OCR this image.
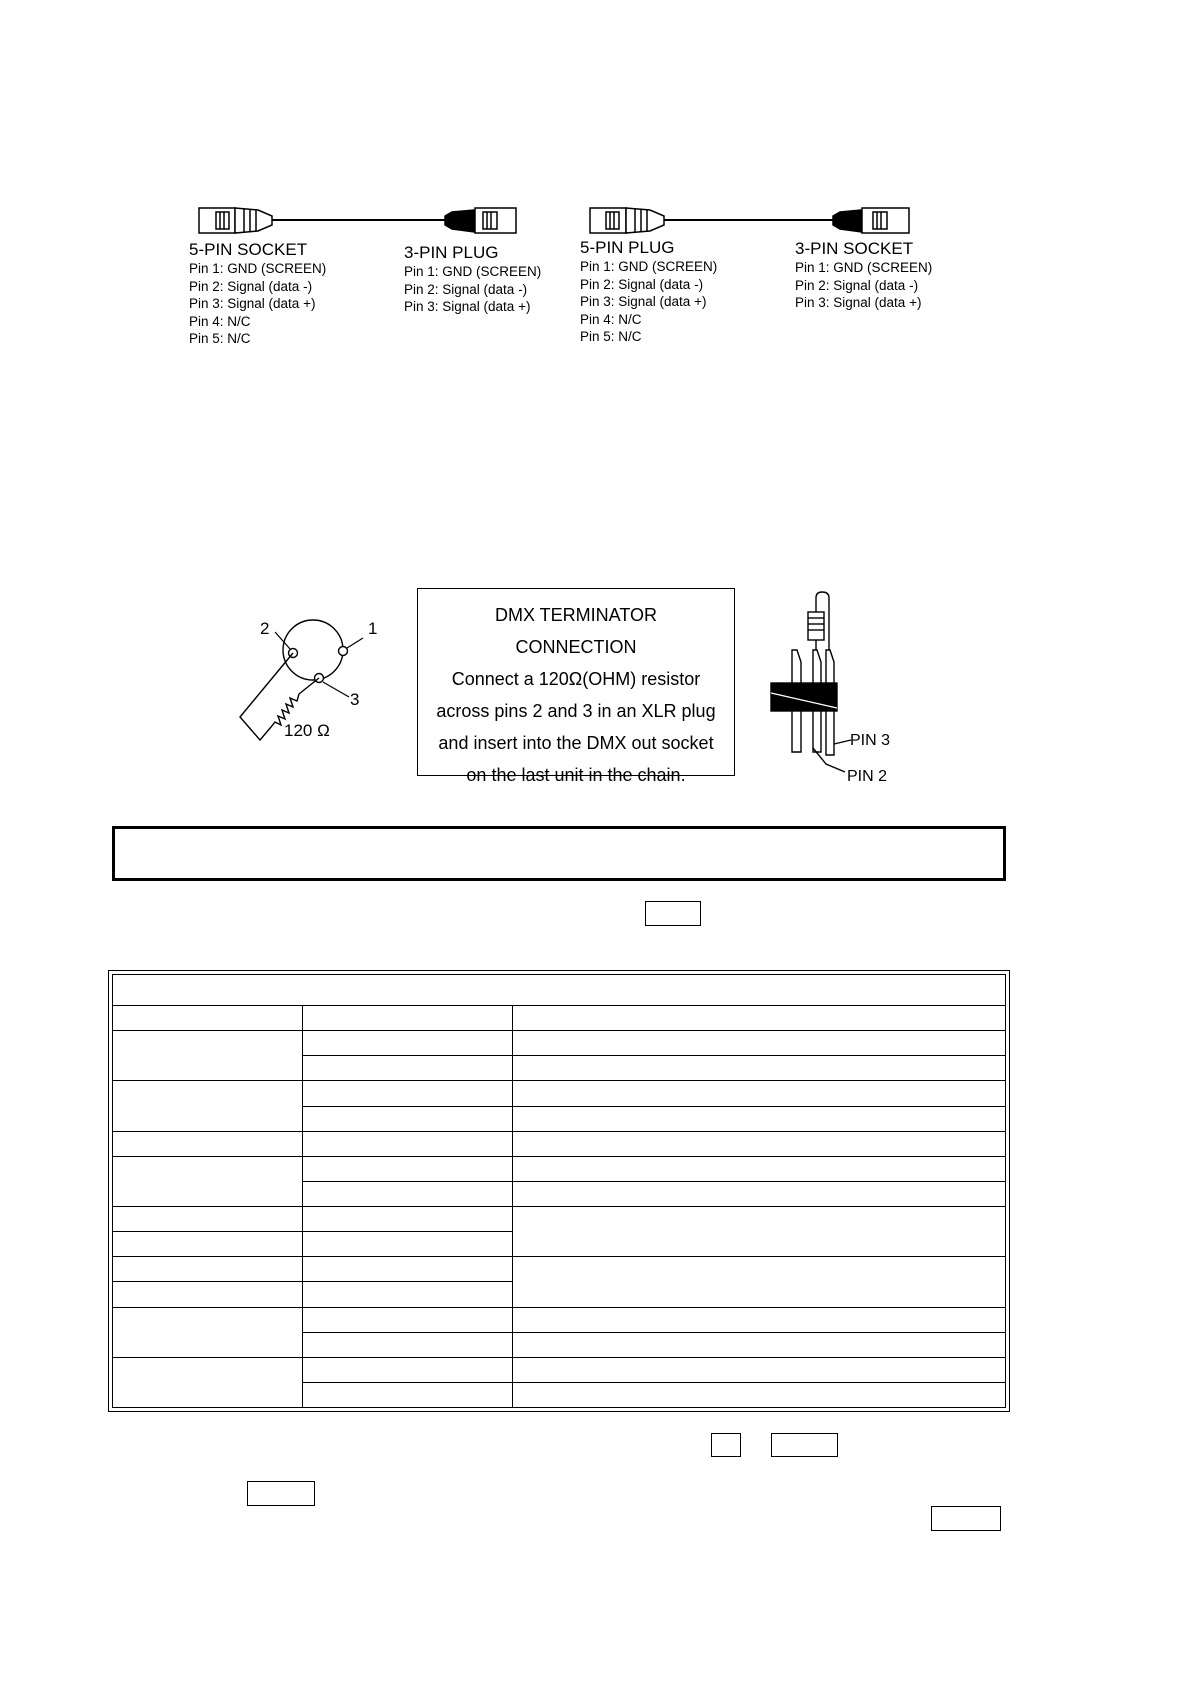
5-PIN SOCKET
Pin 1: GND (SCREEN)
Pin 2: Signal (data -)
Pin 3: Signal (data +)
Pin 4: N/C
Pin 5: N/C
3-PIN PLUG
Pin 1: GND (SCREEN)
Pin 2: Signal (data -)
Pin 3: Signal (data +)
5-PIN PLUG
Pin 1: GND (SCREEN)
Pin 2: Signal (data -)
Pin 3: Signal (data +)
Pin 4: N/C
Pin 5: N/C
3-PIN SOCKET
Pin 1: GND (SCREEN)
Pin 2: Signal (data -)
Pin 3: Signal (data +)
2	1
3
120 Ω
DMX TERMINATOR
CONNECTION
Connect a 120Ω(OHM) resistor
across pins 2 and 3 in an XLR plug
and insert into the DMX out socket
on the last unit in the chain.
PIN 3
PIN 2
